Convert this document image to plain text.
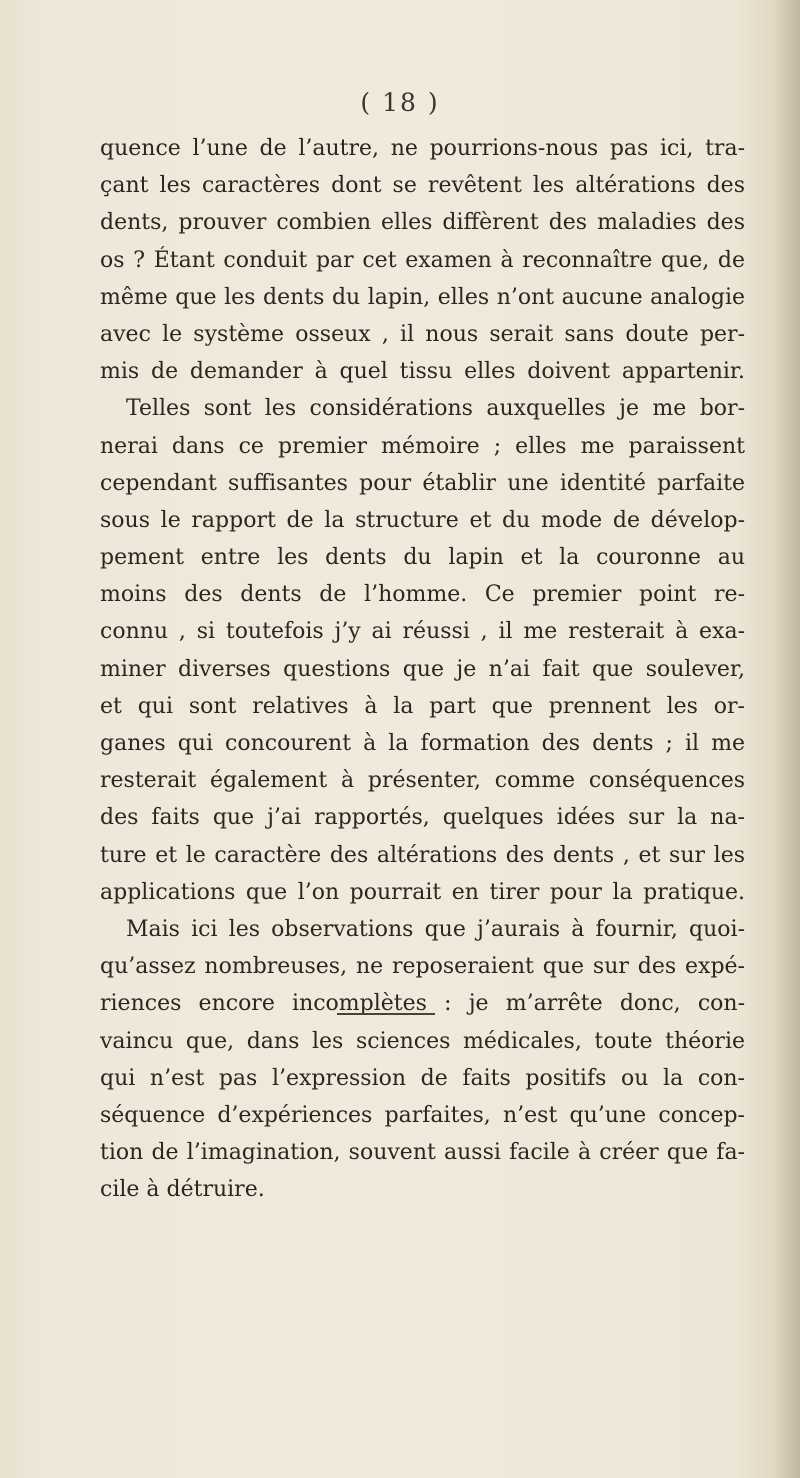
( 18 )
quence l’une de l’autre, ne pourrions-nous pas ici, tra-
çant les caractères dont se revêtent les altérations des
dents, prouver combien elles diffèrent des maladies des
os ? Étant conduit par cet examen à reconnaître que, de
même que les dents du lapin, elles n’ont aucune analogie
avec le système osseux , il nous serait sans doute per-
mis de demander à quel tissu elles doivent appartenir.
Telles sont les considérations auxquelles je me bor-
nerai dans ce premier mémoire ; elles me paraissent
cependant suffisantes pour établir une identité parfaite
sous le rapport de la structure et du mode de dévelop-
pement entre les dents du lapin et la couronne au
moins des dents de l’homme. Ce premier point re-
connu , si toutefois j’y ai réussi , il me resterait à exa-
miner diverses questions que je n’ai fait que soulever,
et qui sont relatives à la part que prennent les or-
ganes qui concourent à la formation des dents ; il me
resterait également à présenter, comme conséquences
des faits que j’ai rapportés, quelques idées sur la na-
ture et le caractère des altérations des dents , et sur les
applications que l’on pourrait en tirer pour la pratique.
Mais ici les observations que j’aurais à fournir, quoi-
qu’assez nombreuses, ne reposeraient que sur des expé-
riences encore incomplètes : je m’arrête donc, con-
vaincu que, dans les sciences médicales, toute théorie
qui n’est pas l’expression de faits positifs ou la con-
séquence d’expériences parfaites, n’est qu’une concep-
tion de l’imagination, souvent aussi facile à créer que fa-
cile à détruire.
